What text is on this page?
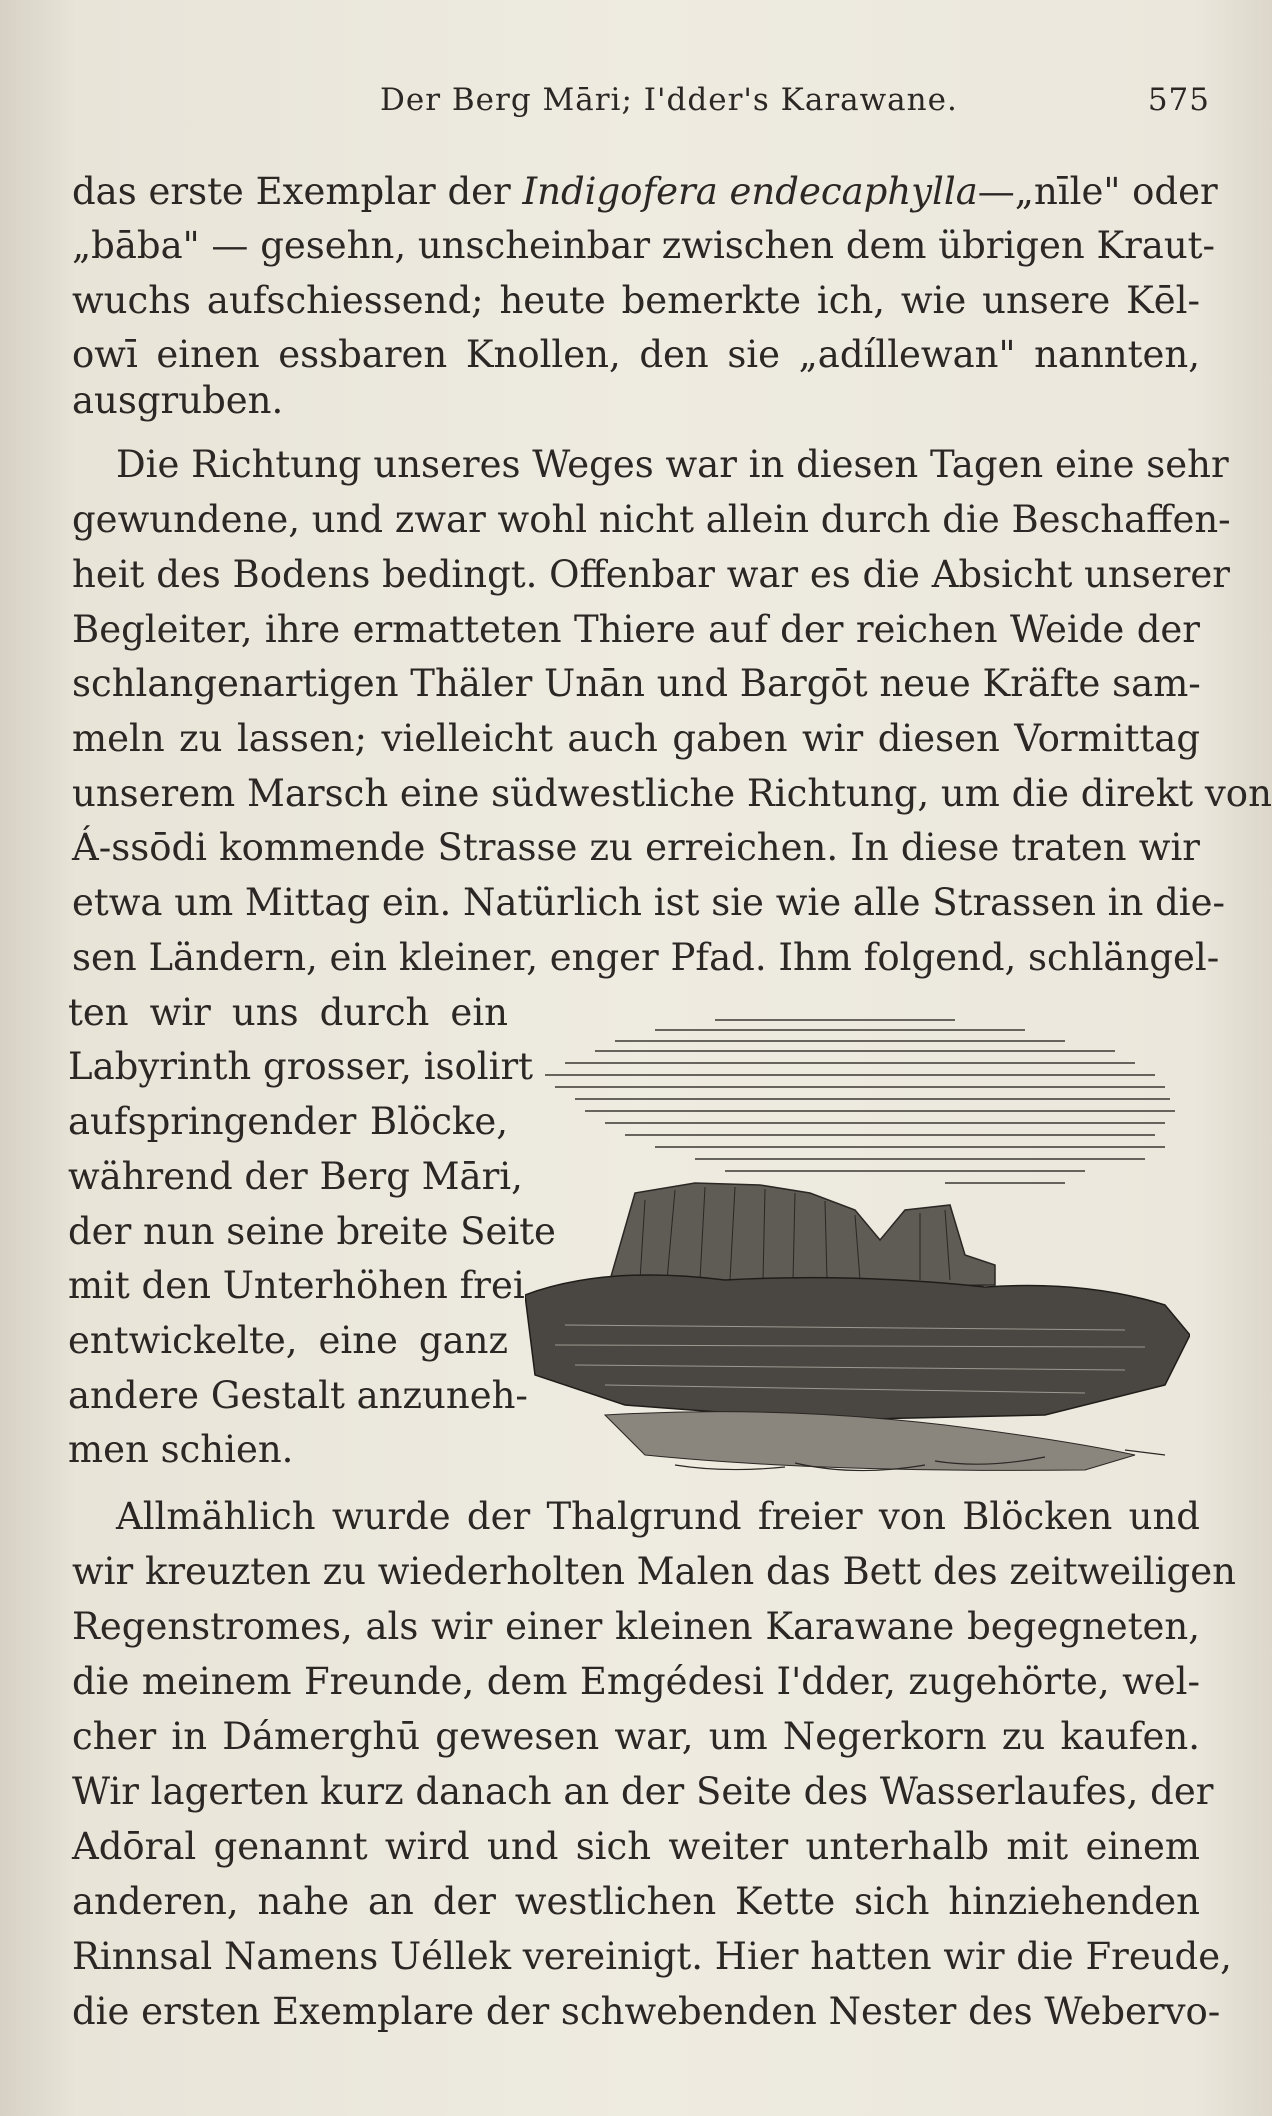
Der Berg Māri; I'dder's Karawane.	575
das erste Exemplar der Indigofera endecaphylla—„nīle" oder
„bāba" — gesehn, unscheinbar zwischen dem übrigen Kraut-
wuchs aufschiessend; heute bemerkte ich, wie unsere Kēl-
owī einen essbaren Knollen, den sie „adíllewan" nannten,
ausgruben.
Die Richtung unseres Weges war in diesen Tagen eine sehr
gewundene, und zwar wohl nicht allein durch die Beschaffen-
heit des Bodens bedingt. Offenbar war es die Absicht unserer
Begleiter, ihre ermatteten Thiere auf der reichen Weide der
schlangenartigen Thäler Unān und Bargōt neue Kräfte sam-
meln zu lassen; vielleicht auch gaben wir diesen Vormittag
unserem Marsch eine südwestliche Richtung, um die direkt von
Á-ssōdi kommende Strasse zu erreichen. In diese traten wir
etwa um Mittag ein. Natürlich ist sie wie alle Strassen in die-
sen Ländern, ein kleiner, enger Pfad. Ihm folgend, schlängel-
ten wir uns durch ein
Labyrinth grosser, isolirt
aufspringender Blöcke,
während der Berg Māri,
der nun seine breite Seite
mit den Unterhöhen frei
entwickelte, eine ganz
andere Gestalt anzuneh-
men schien.
Allmählich wurde der Thalgrund freier von Blöcken und
wir kreuzten zu wiederholten Malen das Bett des zeitweiligen
Regenstromes, als wir einer kleinen Karawane begegneten,
die meinem Freunde, dem Emgédesi I'dder, zugehörte, wel-
cher in Dámerghū gewesen war, um Negerkorn zu kaufen.
Wir lagerten kurz danach an der Seite des Wasserlaufes, der
Adōral genannt wird und sich weiter unterhalb mit einem
anderen, nahe an der westlichen Kette sich hinziehenden
Rinnsal Namens Uéllek vereinigt. Hier hatten wir die Freude,
die ersten Exemplare der schwebenden Nester des Webervo-
